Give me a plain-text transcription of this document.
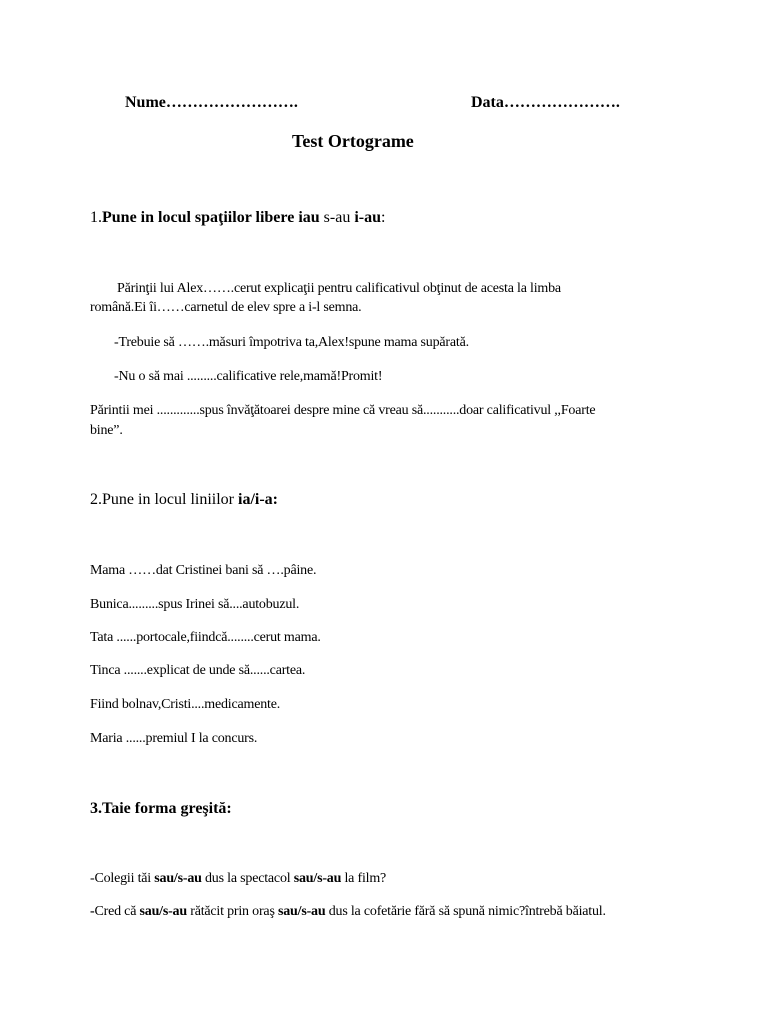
Nume…………………….	Data………………….
Test Ortograme
1.Pune in locul spaţiilor libere iau s-au i-au:
Părinţii lui Alex…….cerut explicaţii pentru calificativul obţinut de acesta la limba
română.Ei îi……carnetul de elev spre a i-l semna.
-Trebuie să …….măsuri împotriva ta,Alex!spune mama supărată.
-Nu o să mai .........calificative rele,mamă!Promit!
Părintii mei .............spus învăţătoarei despre mine că vreau să...........doar calificativul ,,Foarte
bine”.
2.Pune in locul liniilor ia/i-a:
Mama ……dat Cristinei bani să ….pâine.
Bunica.........spus Irinei să....autobuzul.
Tata ......portocale,fiindcă........cerut mama.
Tinca .......explicat de unde să......cartea.
Fiind bolnav,Cristi....medicamente.
Maria ......premiul I la concurs.
3.Taie forma greşită:
-Colegii tăi sau/s-au dus la spectacol sau/s-au la film?
-Cred că sau/s-au rătăcit prin oraş sau/s-au dus la cofetărie fără să spună nimic?întrebă băiatul.
